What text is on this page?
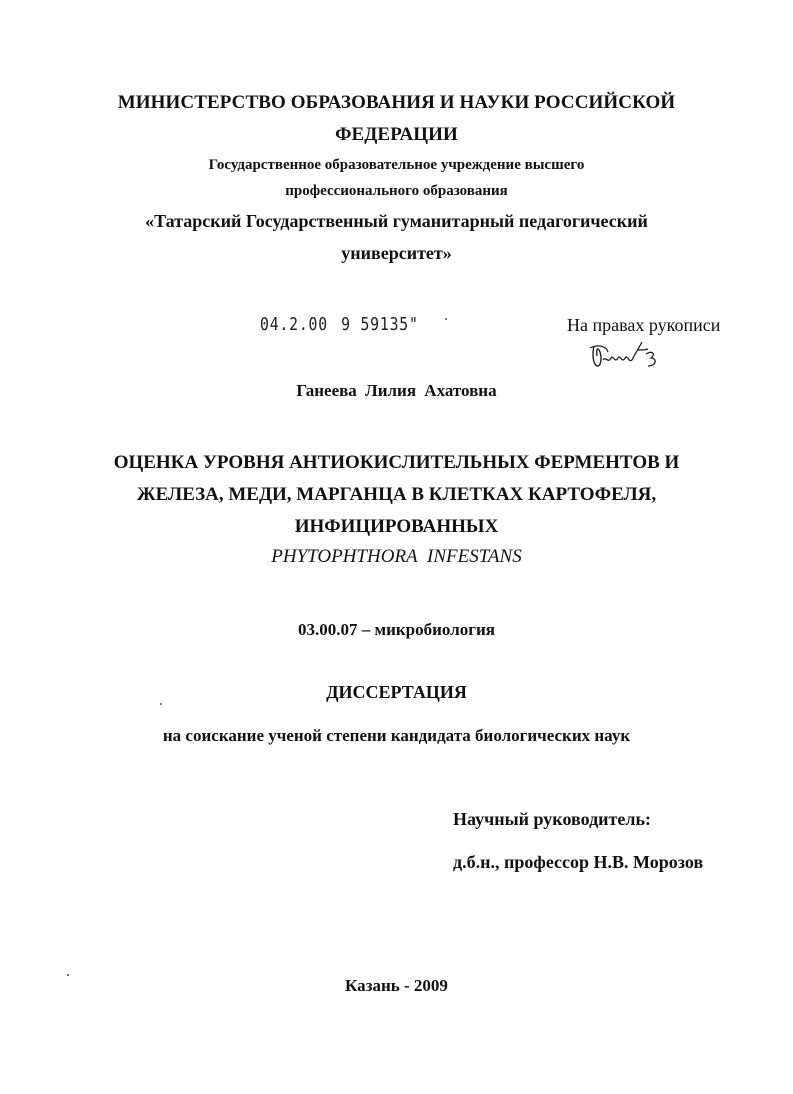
МИНИСТЕРСТВО ОБРАЗОВАНИЯ И НАУКИ РОССИЙСКОЙ
ФЕДЕРАЦИИ
Государственное образовательное учреждение высшего
профессионального образования
«Татарский Государственный гуманитарный педагогический
университет»
04.2.00 9 59135"	На правах рукописи
Ганеева Лилия Ахатовна
ОЦЕНКА УРОВНЯ АНТИОКИСЛИТЕЛЬНЫХ ФЕРМЕНТОВ И
ЖЕЛЕЗА, МЕДИ, МАРГАНЦА В КЛЕТКАХ КАРТОФЕЛЯ,
ИНФИЦИРОВАННЫХ
PHYTOPHTHORA INFESTANS
03.00.07 – микробиология
ДИССЕРТАЦИЯ
на соискание ученой степени кандидата биологических наук
Научный руководитель:
д.б.н., профессор Н.В. Морозов
Казань - 2009
